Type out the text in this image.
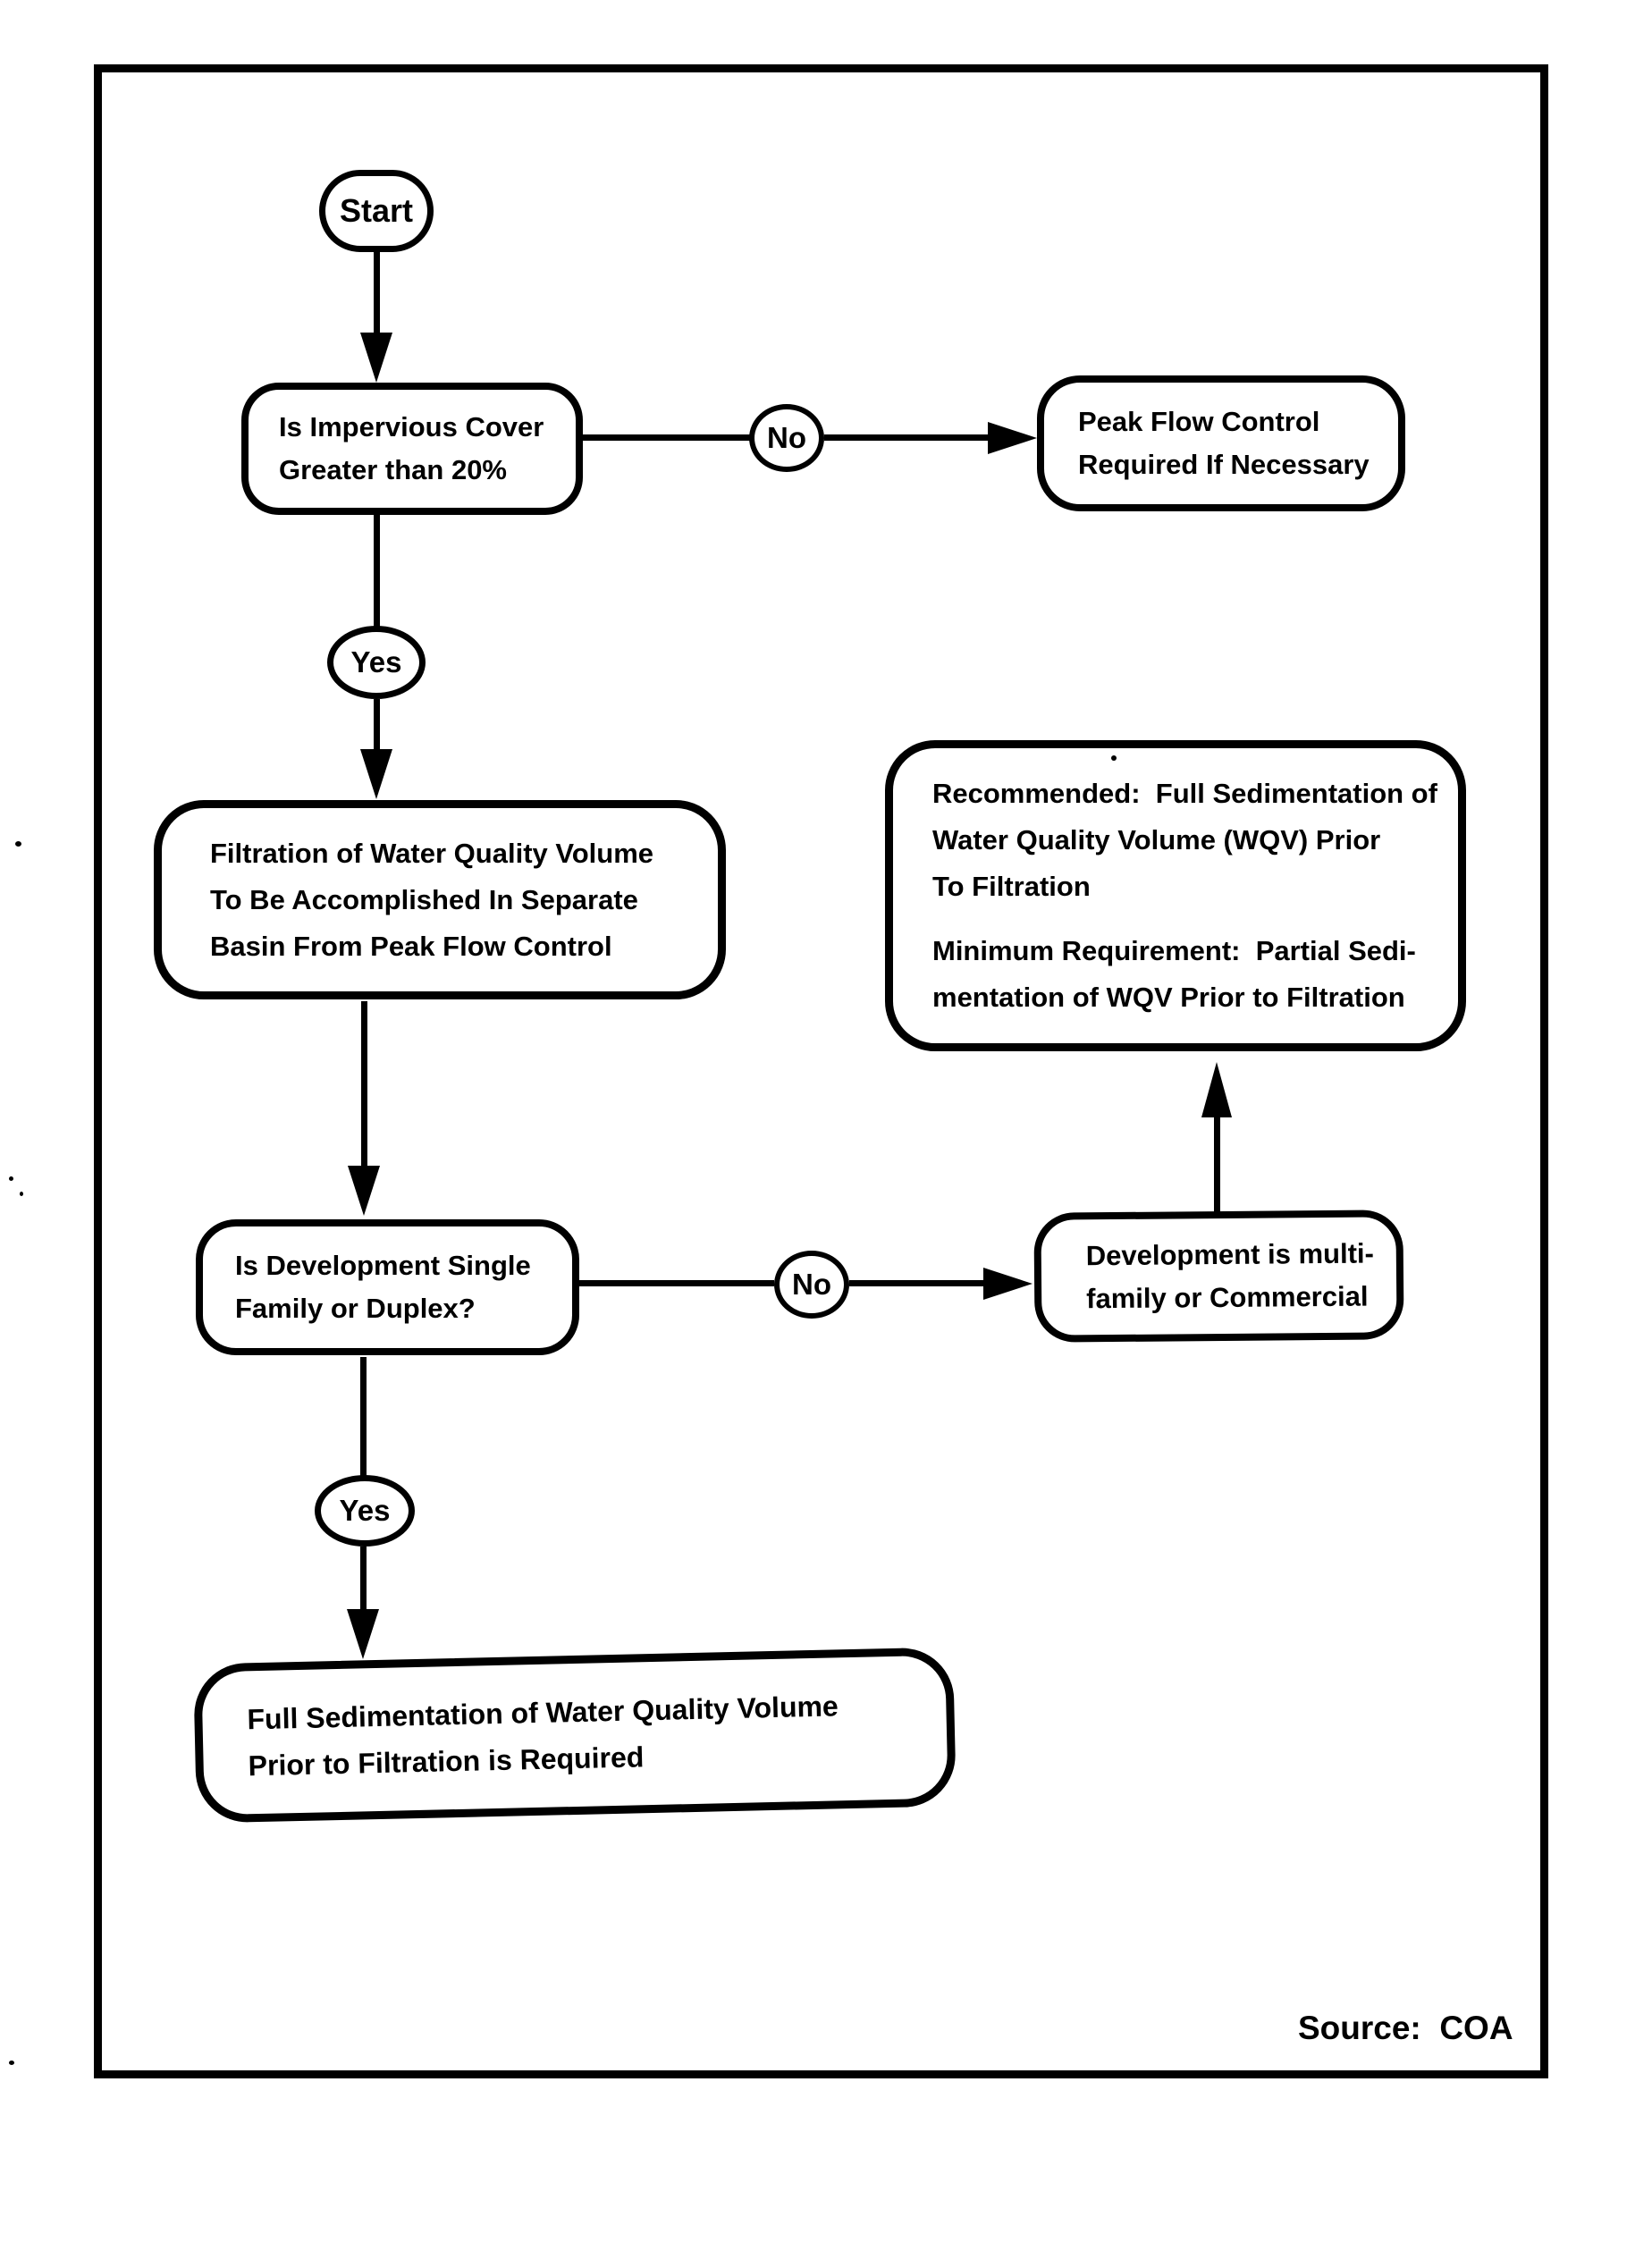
Start
Is Impervious Cover
Greater than 20%
No	Peak Flow Control
Required If Necessary
Yes
Filtration of Water Quality Volume
To Be Accomplished In Separate
Basin From Peak Flow Control
Recommended:  Full Sedimentation of
Water Quality Volume (WQV) Prior
To Filtration
Minimum Requirement:  Partial Sedi-
mentation of WQV Prior to Filtration
Is Development Single
Family or Duplex?
No
Development is multi-
family or Commercial
Yes
Full Sedimentation of Water Quality Volume
Prior to Filtration is Required
Source:  COA
